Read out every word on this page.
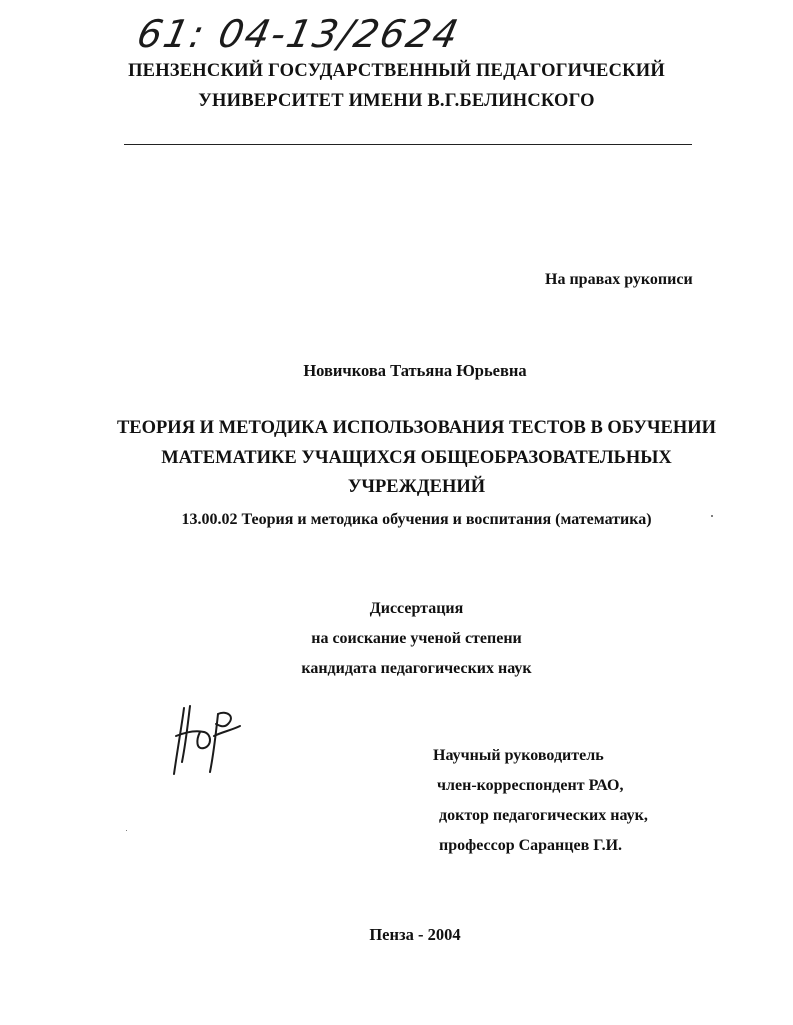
61: 04-13/2624
ПЕНЗЕНСКИЙ ГОСУДАРСТВЕННЫЙ ПЕДАГОГИЧЕСКИЙ
УНИВЕРСИТЕТ ИМЕНИ В.Г.БЕЛИНСКОГО
На правах рукописи
Новичкова Татьяна Юрьевна
ТЕОРИЯ И МЕТОДИКА ИСПОЛЬЗОВАНИЯ ТЕСТОВ В ОБУЧЕНИИ
МАТЕМАТИКЕ УЧАЩИХСЯ ОБЩЕОБРАЗОВАТЕЛЬНЫХ
УЧРЕЖДЕНИЙ
13.00.02 Теория и методика обучения и воспитания (математика)
Диссертация
на соискание ученой степени
кандидата педагогических наук
Научный руководитель
член-корреспондент РАО,
доктор педагогических наук,
профессор Саранцев Г.И.
Пенза - 2004
